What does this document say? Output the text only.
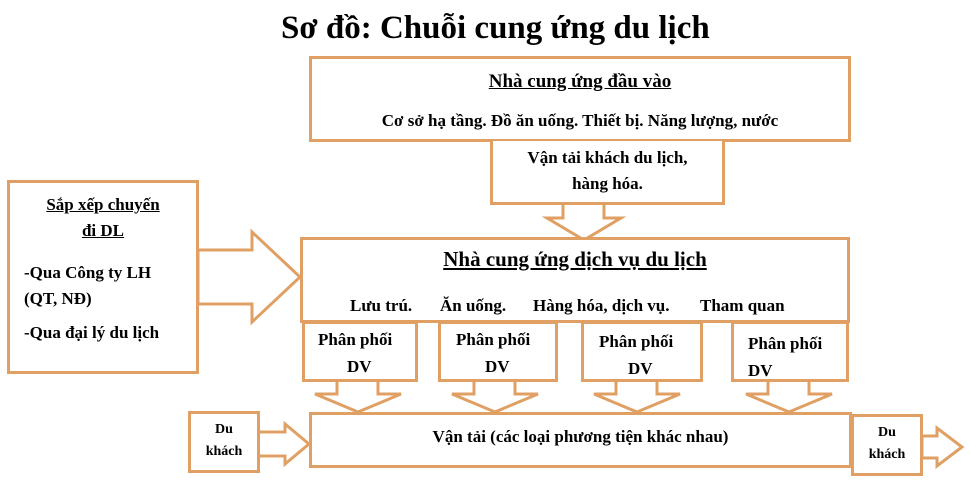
Sơ đồ: Chuỗi cung ứng du lịch
Nhà cung ứng đầu vào
Cơ sở hạ tầng. Đồ ăn uống. Thiết bị. Năng lượng, nước
Vận tải khách du lịch,
hàng hóa.
Sắp xếp chuyến
đi DL
-Qua Công ty LH
(QT, NĐ)
-Qua đại lý du lịch
Nhà cung ứng dịch vụ du lịch
Lưu trú. Ăn uống. Hàng hóa, dịch vụ. Tham quan
Phân phối
DV
Phân phối
DV
Phân phối
DV
Phân phối
DV
Vận tải (các loại phương tiện khác nhau)
Du
khách
Du
khách
